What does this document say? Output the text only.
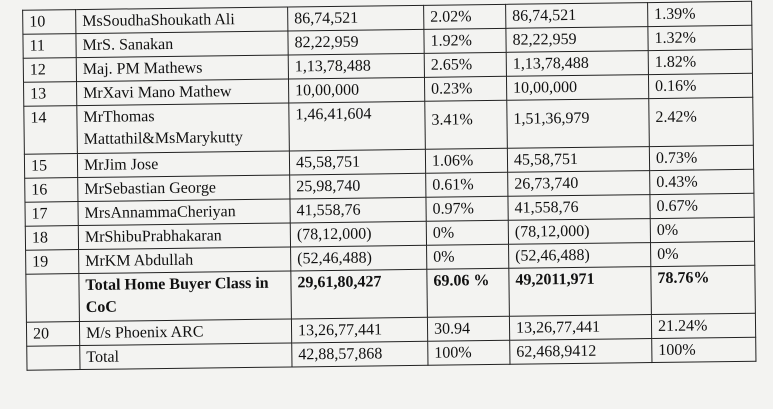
10	MsSoudhaShoukath Ali	86,74,521	2.02%	86,74,521	1.39%
11	MrS. Sanakan	82,22,959	1.92%	82,22,959	1.32%
12	Maj. PM Mathews	1,13,78,488	2.65%	1,13,78,488	1.82%
13	MrXavi Mano Mathew	10,00,000	0.23%	10,00,000	0.16%
14	MrThomas Mattathil&MsMarykutty	1,46,41,604	3.41%	1,51,36,979	2.42%
15	MrJim Jose	45,58,751	1.06%	45,58,751	0.73%
16	MrSebastian George	25,98,740	0.61%	26,73,740	0.43%
17	MrsAnnammaCheriyan	41,558,76	0.97%	41,558,76	0.67%
18	MrShibuPrabhakaran	(78,12,000)	0%	(78,12,000)	0%
19	MrKM Abdullah	(52,46,488)	0%	(52,46,488)	0%
	Total Home Buyer Class in CoC	29,61,80,427	69.06 %	49,2011,971	78.76%
20	M/s Phoenix ARC	13,26,77,441	30.94	13,26,77,441	21.24%
	Total	42,88,57,868	100%	62,468,9412	100%
